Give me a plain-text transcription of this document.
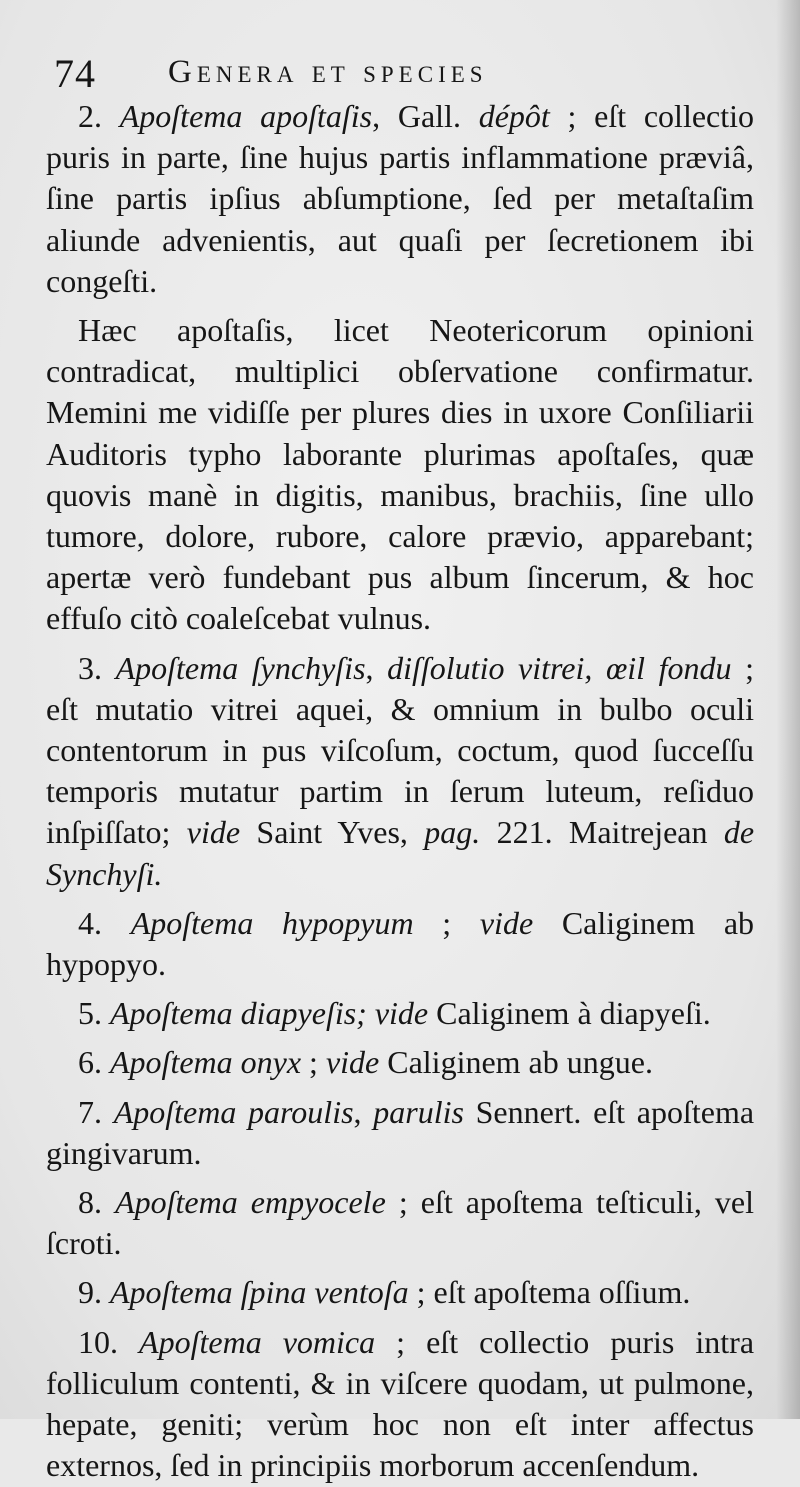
74 Genera et species

2. Apoſtema apoſtaſis, Gall. dépôt ; eſt collectio puris in parte, ſine hujus partis inflammatione præviâ, ſine partis ipſius abſumptione, ſed per metaſtaſim aliunde advenientis, aut quaſi per ſecretionem ibi congeſti.

Hæc apoſtaſis, licet Neotericorum opinioni contradicat, multiplici obſervatione confirmatur. Memini me vidiſſe per plures dies in uxore Conſiliarii Auditoris typho laborante plurimas apoſtaſes, quæ quovis manè in digitis, manibus, brachiis, ſine ullo tumore, dolore, rubore, calore prævio, apparebant; apertæ verò fundebant pus album ſincerum, & hoc effuſo citò coaleſcebat vulnus.

3. Apoſtema ſynchyſis, diſſolutio vitrei, œil fondu ; eſt mutatio vitrei aquei, & omnium in bulbo oculi contentorum in pus viſcoſum, coctum, quod ſucceſſu temporis mutatur partim in ſerum luteum, reſiduo inſpiſſato; vide Saint Yves, pag. 221. Maitrejean de Synchyſi.

4. Apoſtema hypopyum ; vide Caliginem ab hypopyo.

5. Apoſtema diapyeſis; vide Caliginem à diapyeſi.

6. Apoſtema onyx ; vide Caliginem ab ungue.

7. Apoſtema paroulis, parulis Sennert. eſt apoſtema gingivarum.

8. Apoſtema empyocele ; eſt apoſtema teſticuli, vel ſcroti.

9. Apoſtema ſpina ventoſa ; eſt apoſtema oſſium.

10. Apoſtema vomica ; eſt collectio puris intra folliculum contenti, & in viſcere quodam, ut pulmone, hepate, geniti; verùm hoc non eſt inter affectus externos, ſed in principiis morborum accenſendum.
